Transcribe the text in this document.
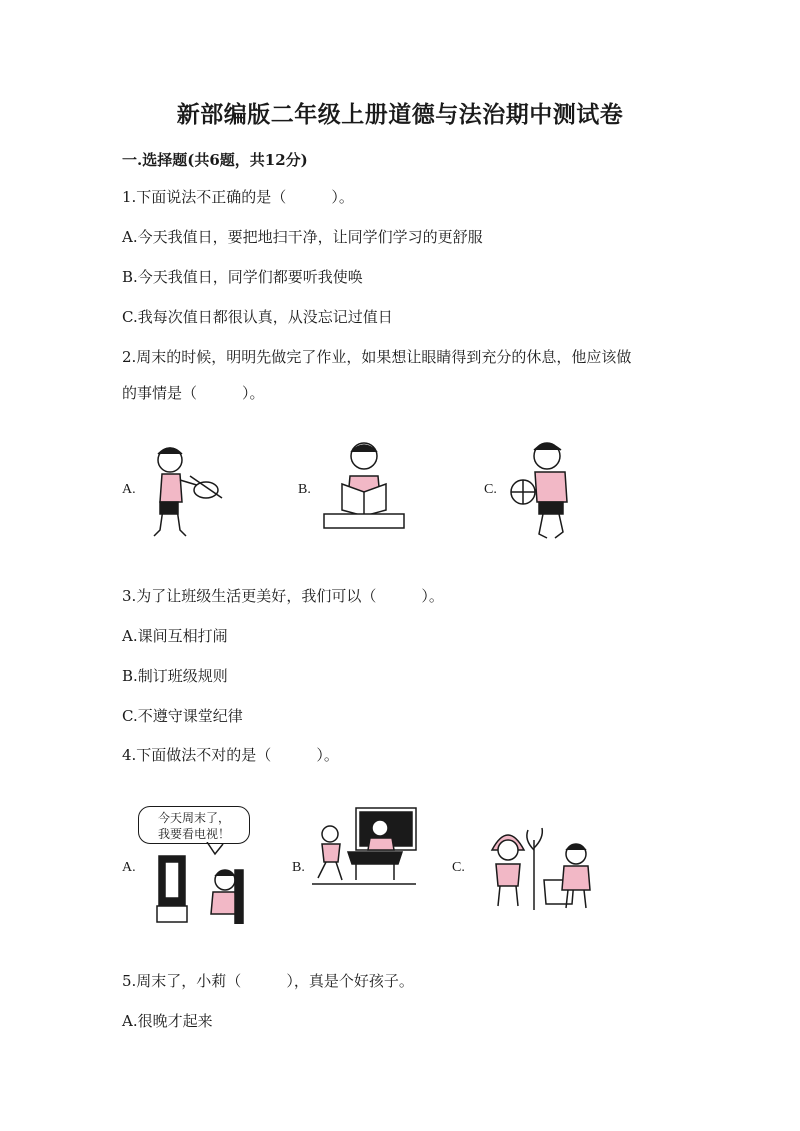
新部编版二年级上册道德与法治期中测试卷
一.选择题(共6题，共12分)
1.下面说法不正确的是（　　　）。
A.今天我值日，要把地扫干净，让同学们学习的更舒服
B.今天我值日，同学们都要听我使唤
C.我每次值日都很认真，从没忘记过值日
2.周末的时候，明明先做完了作业，如果想让眼睛得到充分的休息，他应该做
的事情是（　　　）。
A.	B.	C.
3.为了让班级生活更美好，我们可以（　　　）。
A.课间互相打闹
B.制订班级规则
C.不遵守课堂纪律
4.下面做法不对的是（　　　）。
A.	B.	C.
今天周末了，
我要看电视！
5.周末了，小莉（　　　），真是个好孩子。
A.很晚才起来
